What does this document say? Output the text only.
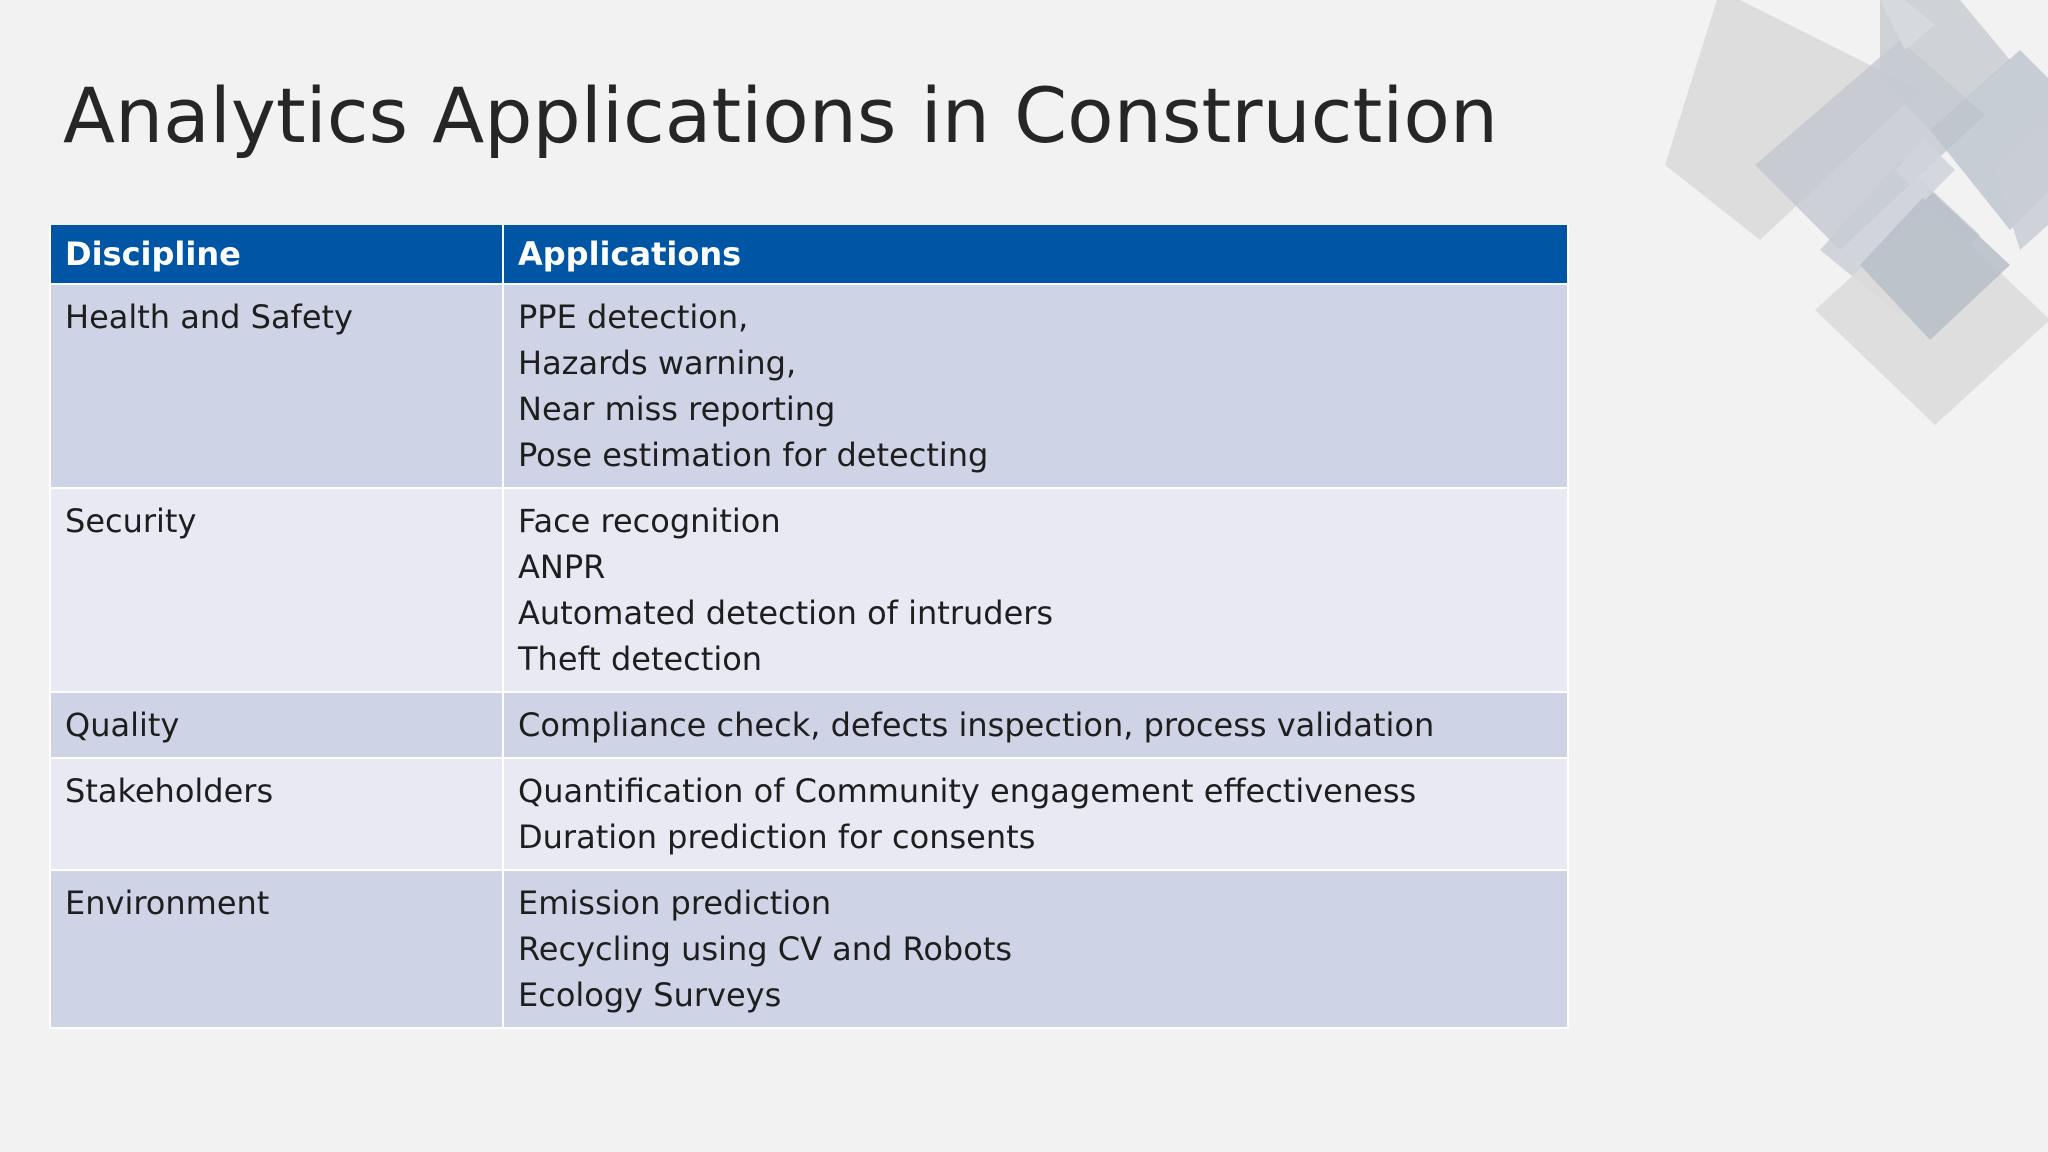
Analytics Applications in Construction
Discipline	Applications
Health and Safety	PPE detection,
Hazards warning,
Near miss reporting
Pose estimation for detecting

Security	Face recognition
ANPR
Automated detection of intruders
Theft detection

Quality	Compliance check, defects inspection, process validation

Stakeholders	Quantification of Community engagement effectiveness
Duration prediction for consents

Environment	Emission prediction
Recycling using CV and Robots
Ecology Surveys
